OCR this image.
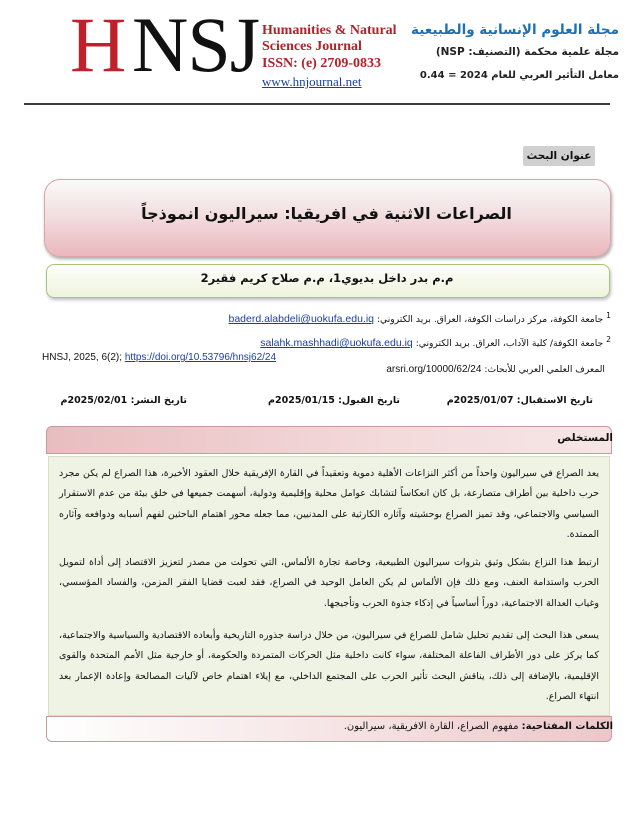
H NSJ Humanities & Natural Sciences Journal
ISSN: (e) 2709-0833
www.hnjournal.net
مجلة العلوم الإنسانية والطبيعية
مجلة علمية محكمة (التصنيف: NSP)
معامل التأثير العربي للعام 2024 = 0.44
عنوان البحث
الصراعات الاثنية في افريقيا: سيراليون انموذجاً
م.م بدر داخل بديوي1، م.م صلاح كريم فقير2
$^1$ جامعة الكوفة، مركز دراسات الكوفة، العراق. بريد الكتروني: baderd.alabdeli@uokufa.edu.iq
$^2$ جامعة الكوفة/ كلية الآداب، العراق. بريد الكتروني: salahk.mashhadi@uokufa.edu.iq
HNSJ, 2025, 6(2); https://doi.org/10.53796/hnsj62/24
المعرف العلمي العربي للأبحاث: arsri.org/10000/62/24
تاريخ الاستقبال: 2025/01/07م
تاريخ القبول: 2025/01/15م
تاريخ النشر: 2025/02/01م
المستخلص

يعد الصراع في سيراليون واحداً من أكثر النزاعات الأهلية دموية وتعقيداً في القارة الإفريقية خلال العقود الأخيرة، هذا الصراع لم يكن مجرد حرب داخلية بين أطراف متصارعة، بل كان انعكاساً لتشابك عوامل محلية وإقليمية ودولية، أسهمت جميعها في خلق بيئة من عدم الاستقرار السياسي والاجتماعي، وقد تميز الصراع بوحشيته وآثاره الكارثية على المدنيين، مما جعله محور اهتمام الباحثين لفهم أسبابه ودوافعه وآثاره الممتدة.

ارتبط هذا النزاع بشكل وثيق بثروات سيراليون الطبيعية، وخاصة تجارة الألماس، التي تحولت من مصدر لتعزيز الاقتصاد إلى أداة لتمويل الحرب واستدامة العنف، ومع ذلك فإن الألماس لم يكن العامل الوحيد في الصراع، فقد لعبت قضايا الفقر المزمن، والفساد المؤسسي، وغياب العدالة الاجتماعية، دوراً أساسياً في إذكاء جذوة الحرب وتأجيجها.

يسعى هذا البحث إلى تقديم تحليل شامل للصراع في سيراليون، من خلال دراسة جذوره التاريخية وأبعاده الاقتصادية والسياسية والاجتماعية، كما يركز على دور الأطراف الفاعلة المختلفة، سواء كانت داخلية مثل الحركات المتمردة والحكومة، أو خارجية مثل الأمم المتحدة والقوى الإقليمية، بالإضافة إلى ذلك، يناقش البحث تأثير الحرب على المجتمع الداخلي، مع إيلاء اهتمام خاص لآليات المصالحة وإعادة الإعمار بعد انتهاء الصراع.

الكلمات المفتاحية: مفهوم الصراع، القارة الافريقية، سيراليون.
